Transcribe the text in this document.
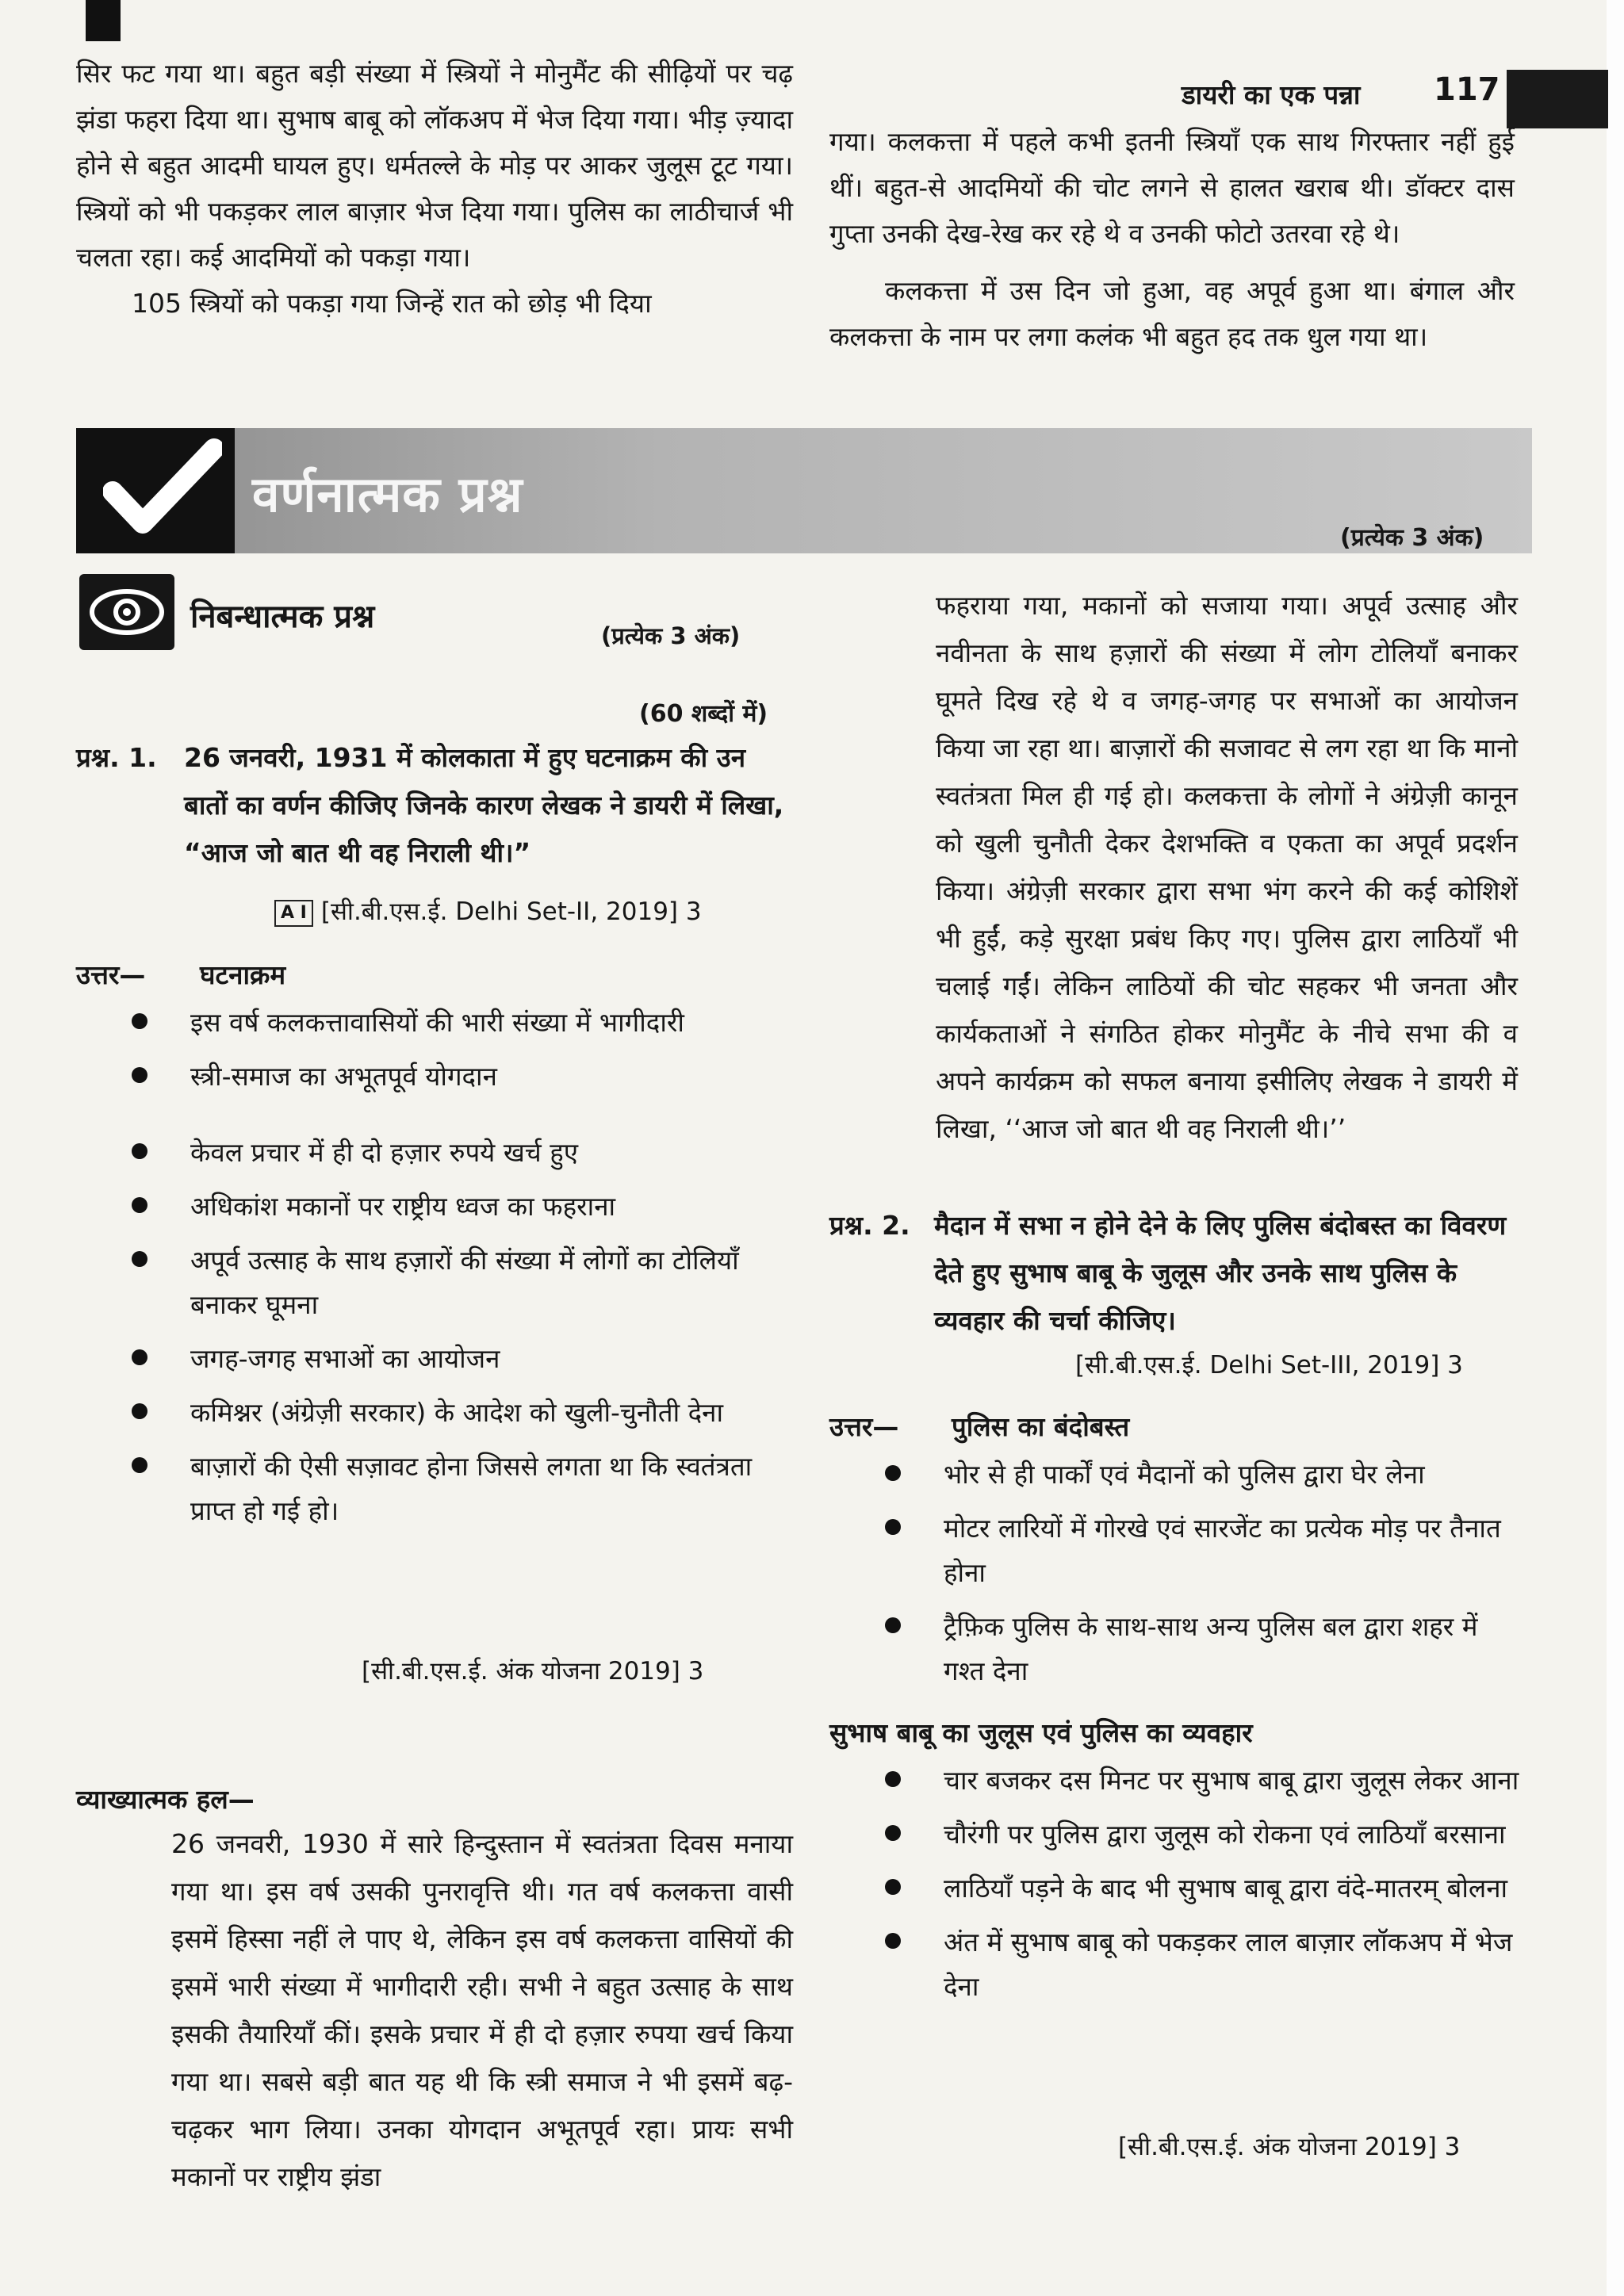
डायरी का एक पन्ना 117

सिर फट गया था। बहुत बड़ी संख्या में स्त्रियों ने मोनुमैंट की सीढ़ियों पर चढ़ झंडा फहरा दिया था। सुभाष बाबू को लॉकअप में भेज दिया गया। भीड़ ज़्यादा होने से बहुत आदमी घायल हुए। धर्मतल्ले के मोड़ पर आकर जुलूस टूट गया। स्त्रियों को भी पकड़कर लाल बाज़ार भेज दिया गया। पुलिस का लाठीचार्ज भी चलता रहा। कई आदमियों को पकड़ा गया।

105 स्त्रियों को पकड़ा गया जिन्हें रात को छोड़ भी दिया

गया। कलकत्ता में पहले कभी इतनी स्त्रियाँ एक साथ गिरफ्तार नहीं हुई थीं। बहुत-से आदमियों की चोट लगने से हालत खराब थी। डॉक्टर दास गुप्ता उनकी देख-रेख कर रहे थे व उनकी फोटो उतरवा रहे थे।

कलकत्ता में उस दिन जो हुआ, वह अपूर्व हुआ था। बंगाल और कलकत्ता के नाम पर लगा कलंक भी बहुत हद तक धुल गया था।

वर्णनात्मक प्रश्न
(प्रत्येक 3 अंक)
निबन्धात्मक प्रश्न
(प्रत्येक 3 अंक)
(60 शब्दों में)
प्रश्न. 1. 26 जनवरी, 1931 में कोलकाता में हुए घटनाक्रम की उन बातों का वर्णन कीजिए जिनके कारण लेखक ने डायरी में लिखा, “आज जो बात थी वह निराली थी।”
A I [सी.बी.एस.ई. Delhi Set-II, 2019] 3
उत्तर— घटनाक्रम
इस वर्ष कलकत्तावासियों की भारी संख्या में भागीदारी
स्त्री-समाज का अभूतपूर्व योगदान
केवल प्रचार में ही दो हज़ार रुपये खर्च हुए
अधिकांश मकानों पर राष्ट्रीय ध्वज का फहराना
अपूर्व उत्साह के साथ हज़ारों की संख्या में लोगों का टोलियाँ बनाकर घूमना
जगह-जगह सभाओं का आयोजन
कमिश्नर (अंग्रेज़ी सरकार) के आदेश को खुली-चुनौती देना
बाज़ारों की ऐसी सज़ावट होना जिससे लगता था कि स्वतंत्रता प्राप्त हो गई हो।
[सी.बी.एस.ई. अंक योजना 2019] 3
व्याख्यात्मक हल—

26 जनवरी, 1930 में सारे हिन्दुस्तान में स्वतंत्रता दिवस मनाया गया था। इस वर्ष उसकी पुनरावृत्ति थी। गत वर्ष कलकत्ता वासी इसमें हिस्सा नहीं ले पाए थे, लेकिन इस वर्ष कलकत्ता वासियों की इसमें भारी संख्या में भागीदारी रही। सभी ने बहुत उत्साह के साथ इसकी तैयारियाँ कीं। इसके प्रचार में ही दो हज़ार रुपया खर्च किया गया था। सबसे बड़ी बात यह थी कि स्त्री समाज ने भी इसमें बढ़-चढ़कर भाग लिया। उनका योगदान अभूतपूर्व रहा। प्रायः सभी मकानों पर राष्ट्रीय झंडा

फहराया गया, मकानों को सजाया गया। अपूर्व उत्साह और नवीनता के साथ हज़ारों की संख्या में लोग टोलियाँ बनाकर घूमते दिख रहे थे व जगह-जगह पर सभाओं का आयोजन किया जा रहा था। बाज़ारों की सजावट से लग रहा था कि मानो स्वतंत्रता मिल ही गई हो। कलकत्ता के लोगों ने अंग्रेज़ी कानून को खुली चुनौती देकर देशभक्ति व एकता का अपूर्व प्रदर्शन किया। अंग्रेज़ी सरकार द्वारा सभा भंग करने की कई कोशिशें भी हुईं, कड़े सुरक्षा प्रबंध किए गए। पुलिस द्वारा लाठियाँ भी चलाई गईं। लेकिन लाठियों की चोट सहकर भी जनता और कार्यकताओं ने संगठित होकर मोनुमैंट के नीचे सभा की व अपने कार्यक्रम को सफल बनाया इसीलिए लेखक ने डायरी में लिखा, ‘‘आज जो बात थी वह निराली थी।’’

प्रश्न. 2. मैदान में सभा न होने देने के लिए पुलिस बंदोबस्त का विवरण देते हुए सुभाष बाबू के जुलूस और उनके साथ पुलिस के व्यवहार की चर्चा कीजिए।
[सी.बी.एस.ई. Delhi Set-III, 2019] 3
उत्तर— पुलिस का बंदोबस्त
भोर से ही पार्कों एवं मैदानों को पुलिस द्वारा घेर लेना
मोटर लारियों में गोरखे एवं सारजेंट का प्रत्येक मोड़ पर तैनात होना
ट्रैफ़िक पुलिस के साथ-साथ अन्य पुलिस बल द्वारा शहर में गश्त देना
सुभाष बाबू का जुलूस एवं पुलिस का व्यवहार
चार बजकर दस मिनट पर सुभाष बाबू द्वारा जुलूस लेकर आना
चौरंगी पर पुलिस द्वारा जुलूस को रोकना एवं लाठियाँ बरसाना
लाठियाँ पड़ने के बाद भी सुभाष बाबू द्वारा वंदे-मातरम् बोलना
अंत में सुभाष बाबू को पकड़कर लाल बाज़ार लॉकअप में भेज देना
[सी.बी.एस.ई. अंक योजना 2019] 3
